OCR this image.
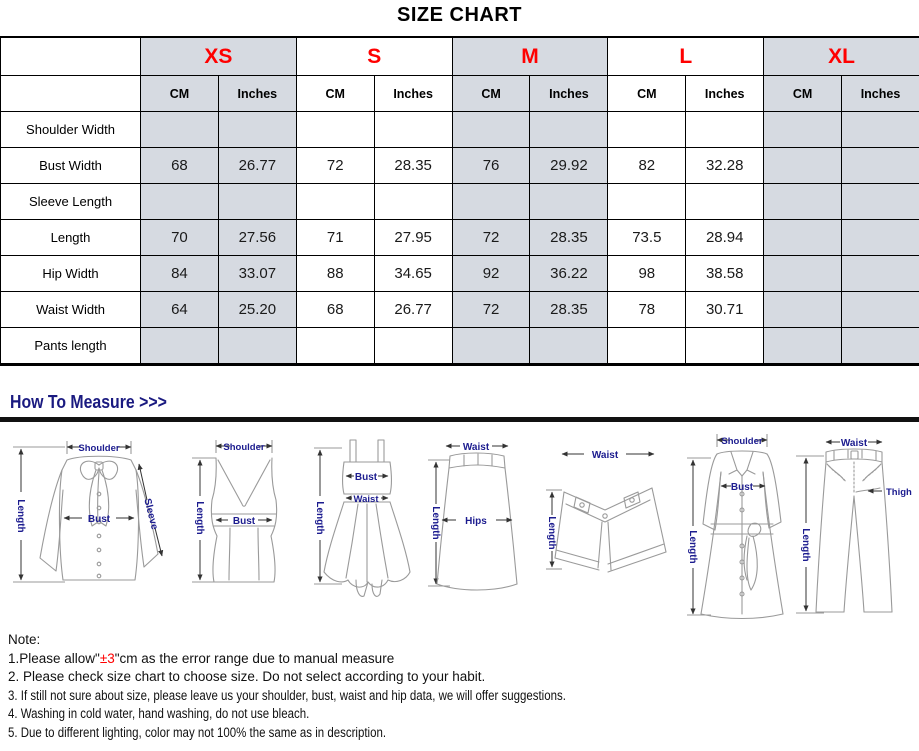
SIZE CHART
	XS		S		M		L		XL	
	CM	Inches	CM	Inches	CM	Inches	CM	Inches	CM	Inches
Shoulder Width										
Bust Width	68	26.77	72	28.35	76	29.92	82	32.28		
Sleeve Length										
Length	70	27.56	71	27.95	72	28.35	73.5	28.94		
Hip Width	84	33.07	88	34.65	92	36.22	98	38.58		
Waist Width	64	25.20	68	26.77	72	28.35	78	30.71		
Pants length										
How To Measure >>>
Length
Shoulder
Bust	Sleeve	Length
Shoulder
Bust	Length
Bust
Waist
Waist
Length Hips
Waist
Length
Shoulder
Length
Bust
Waist
Length
Thigh
Note:
1.Please allow"±3"cm as the error range due to manual measure
2. Please check size chart to choose size. Do not select according to your habit.
3. If still not sure about size, please leave us your shoulder, bust, waist and hip data, we will offer suggestions.
4. Washing in cold water, hand washing, do not use bleach.
5. Due to different lighting, color may not 100% the same as in description.
